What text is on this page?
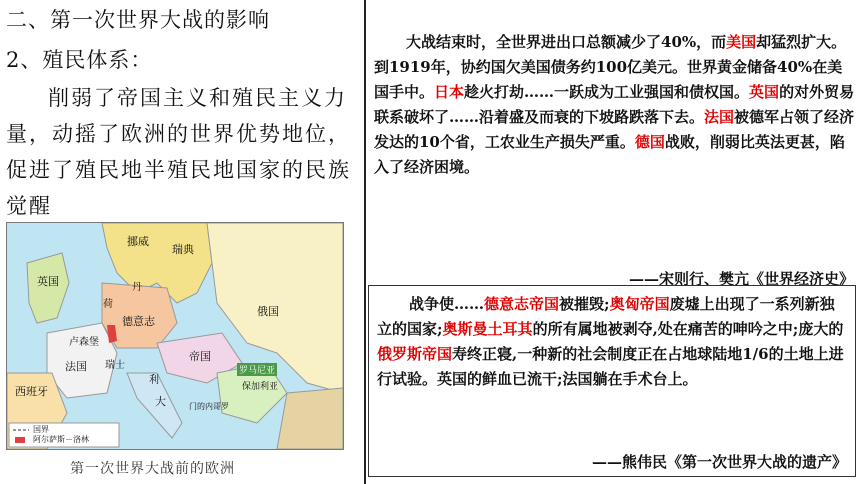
二、第一次世界大战的影响
2、殖民体系：

削弱了帝国主义和殖民主义力量，动摇了欧洲的世界优势地位，促进了殖民地半殖民地国家的民族觉醒

挪威
瑞典
英国
德意志
俄国
法国
卢森堡
瑞士
大
罗马尼亚
保加利亚
门的内哥罗
西班牙
荷
丹
利
帝国
国界
阿尔萨斯－洛林
第一次世界大战前的欧洲

大战结束时，全世界进出口总额减少了40%，而美国却猛烈扩大。到1919年，协约国欠美国债务约100亿美元。世界黄金储备40%在美国手中。日本趁火打劫……一跃成为工业强国和债权国。英国的对外贸易联系破坏了……沿着盛及而衰的下坡路跌落下去。法国被德军占领了经济发达的10个省，工农业生产损失严重。德国战败，削弱比英法更甚，陷入了经济困境。

——宋则行、樊亢《世界经济史》

战争使……德意志帝国被摧毁;奥匈帝国废墟上出现了一系列新独立的国家;奥斯曼土耳其的所有属地被剥夺,处在痛苦的呻吟之中;庞大的俄罗斯帝国寿终正寝,一种新的社会制度正在占地球陆地1/6的土地上进行试验。英国的鲜血已流干;法国躺在手术台上。

——熊伟民《第一次世界大战的遗产》
